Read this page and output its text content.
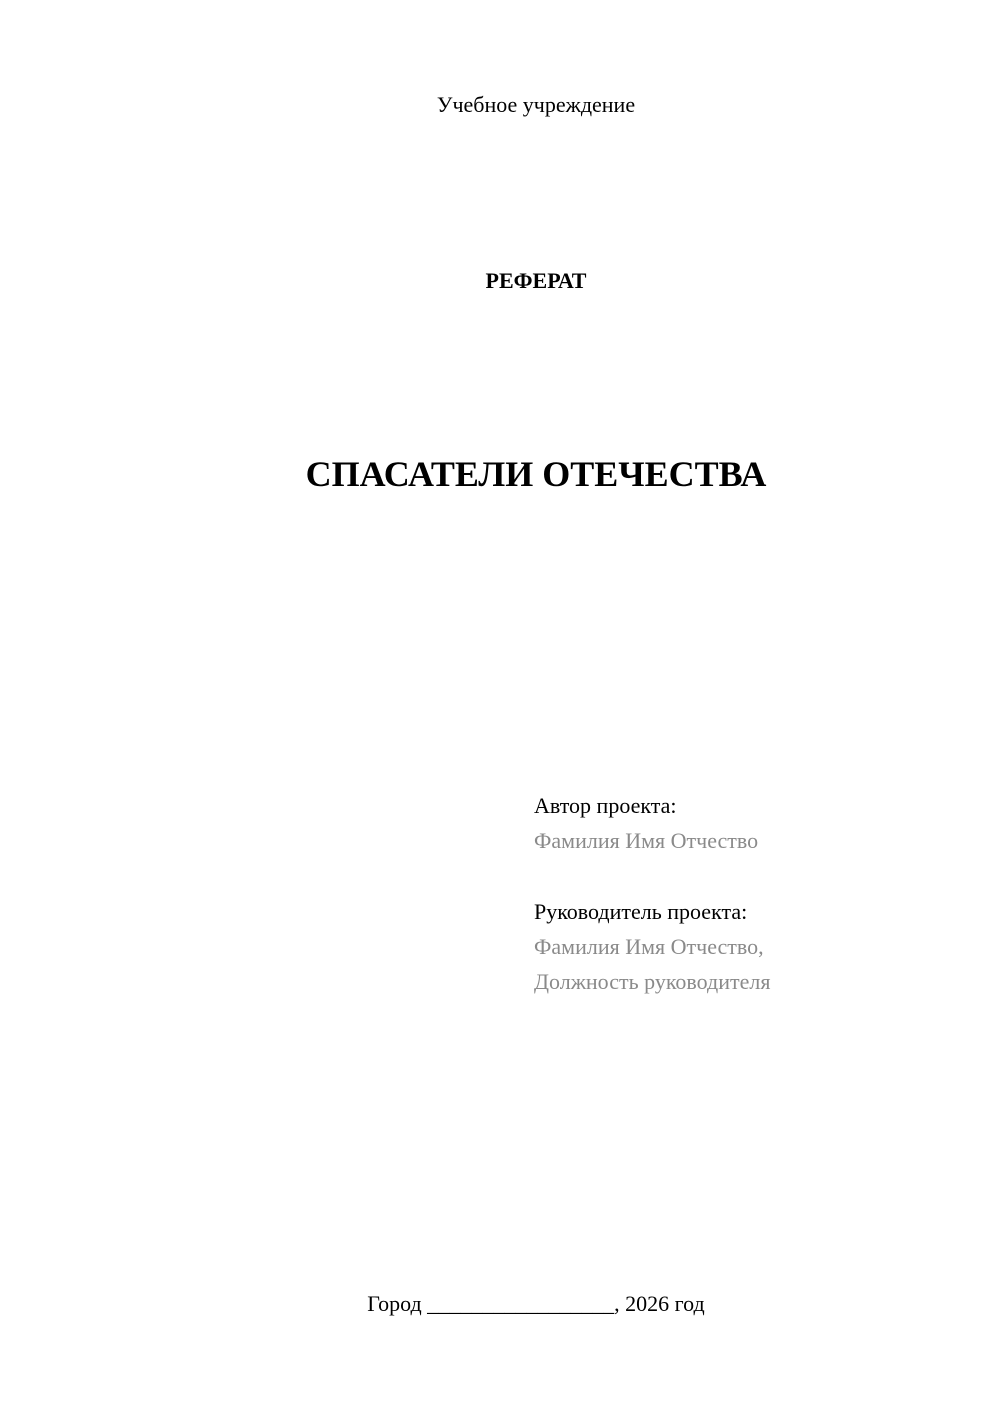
Учебное учреждение
РЕФЕРАТ
СПАСАТЕЛИ ОТЕЧЕСТВА
Автор проекта:
Фамилия Имя Отчество
Руководитель проекта:
Фамилия Имя Отчество,
Должность руководителя
Город _________________, 2026 год
